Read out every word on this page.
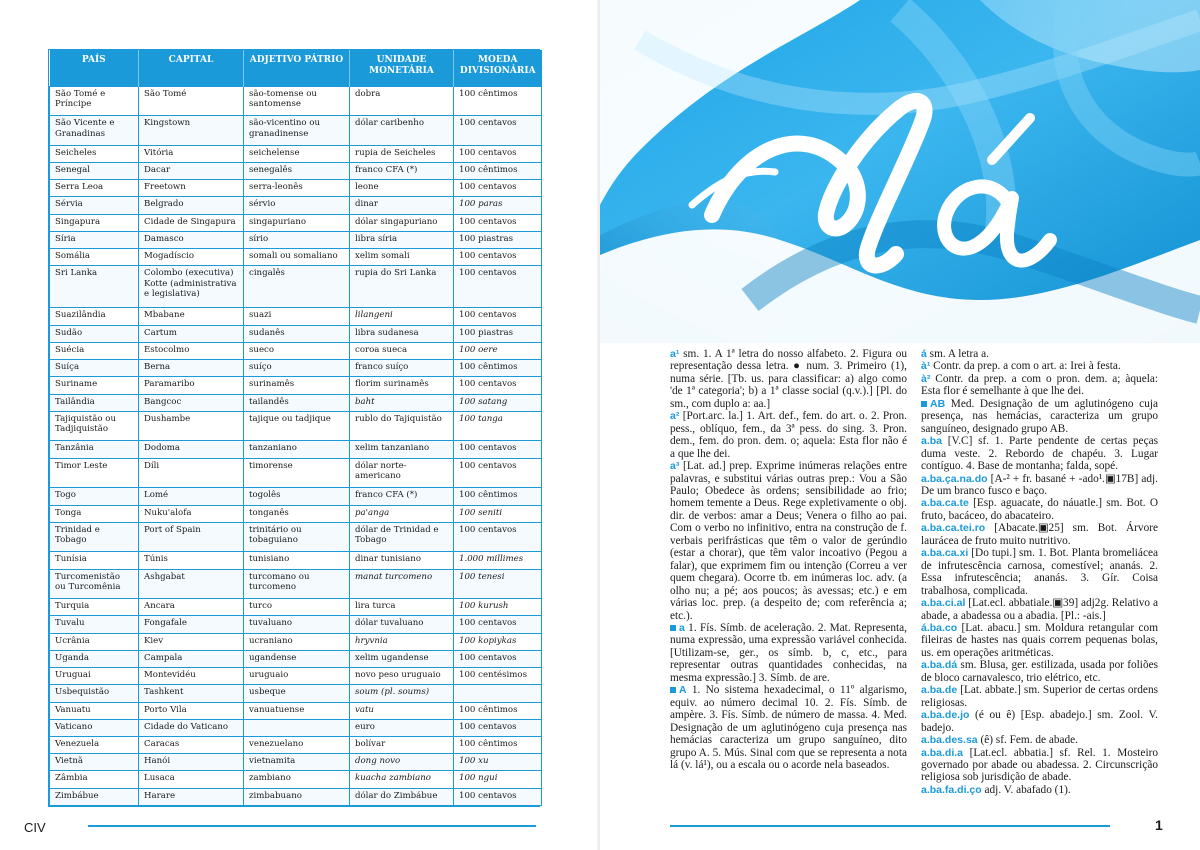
PAÍS	CAPITAL	ADJETIVO PÁTRIO	UNIDADE MONETÁRIA	MOEDA DIVISIONÁRIA
São Tomé e Príncipe	São Tomé	são-tomense ou santomense	dobra	100 cêntimos
São Vicente e Granadinas	Kingstown	são-vicentino ou granadinense	dólar caribenho	100 centavos
Seicheles	Vitória	seichelense	rupia de Seicheles	100 centavos
Senegal	Dacar	senegalês	franco CFA (*)	100 cêntimos
Serra Leoa	Freetown	serra-leonês	leone	100 centavos
Sérvia	Belgrado	sérvio	dinar	100 paras
Singapura	Cidade de Singapura	singapuriano	dólar singapuriano	100 centavos
Síria	Damasco	sírio	libra síria	100 piastras
Somália	Mogadíscio	somali ou somaliano	xelim somali	100 centavos
Sri Lanka	Colombo (executiva) Kotte (administrativa e legislativa)	cingalês	rupia do Sri Lanka	100 centavos
Suazilândia	Mbabane	suazi	lilangeni	100 centavos
Sudão	Cartum	sudanês	libra sudanesa	100 piastras
Suécia	Estocolmo	sueco	coroa sueca	100 oere
Suíça	Berna	suíço	franco suíço	100 cêntimos
Suriname	Paramaribo	surinamês	florim surinamês	100 centavos
Tailândia	Bangcoc	tailandês	baht	100 satang
Tajiquistão ou Tadjiquistão	Dushambe	tajique ou tadjique	rublo do Tajiquistão	100 tanga
Tanzânia	Dodoma	tanzaniano	xelim tanzaniano	100 centavos
Timor Leste	Díli	timorense	dólar norte-americano	100 centavos
Togo	Lomé	togolês	franco CFA (*)	100 cêntimos
Tonga	Nuku'alofa	tonganês	pa'anga	100 seniti
Trinidad e Tobago	Port of Spain	trinitário ou tobaguiano	dólar de Trinidad e Tobago	100 centavos
Tunísia	Túnis	tunisiano	dinar tunisiano	1.000 millimes
Turcomenistão ou Turcomênia	Ashgabat	turcomano ou turcomeno	manat turcomeno	100 tenesi
Turquia	Ancara	turco	lira turca	100 kurush
Tuvalu	Fongafale	tuvaluano	dólar tuvaluano	100 centavos
Ucrânia	Kiev	ucraniano	hryvnia	100 kopiykas
Uganda	Campala	ugandense	xelim ugandense	100 centavos
Uruguai	Montevidéu	uruguaio	novo peso uruguaio	100 centésimos
Usbequistão	Tashkent	usbeque	soum (pl. soums)	
Vanuatu	Porto Vila	vanuatuense	vatu	100 cêntimos
Vaticano	Cidade do Vaticano		euro	100 centavos
Venezuela	Caracas	venezuelano	bolívar	100 cêntimos
Vietnã	Hanói	vietnamita	dong novo	100 xu
Zâmbia	Lusaca	zambiano	kuacha zambiano	100 ngui
Zimbábue	Harare	zimbabuano	dólar do Zimbábue	100 centavos
CIV

a¹ sm. 1. A 1ª letra do nosso alfabeto. 2. Figura ou representação dessa letra. ● num. 3. Primeiro (1), numa série. [Tb. us. para classificar: a) algo como 'de 1ª categoria'; b) a 1ª classe social (q.v.).] [Pl. do sm., com duplo a: aa.]

a² [Port.arc. la.] 1. Art. def., fem. do art. o. 2. Pron. pess., oblíquo, fem., da 3ª pess. do sing. 3. Pron. dem., fem. do pron. dem. o; aquela: Esta flor não é a que lhe dei.

a³ [Lat. ad.] prep. Exprime inúmeras relações entre palavras, e substitui várias outras prep.: Vou a São Paulo; Obedece às ordens; sensibilidade ao frio; homem temente a Deus. Rege expletivamente o obj. dir. de verbos: amar a Deus; Venera o filho ao pai. Com o verbo no infinitivo, entra na construção de f. verbais perifrásticas que têm o valor de gerúndio (estar a chorar), que têm valor incoativo (Pegou a falar), que exprimem fim ou intenção (Correu a ver quem chegara). Ocorre tb. em inúmeras loc. adv. (a olho nu; a pé; aos poucos; às avessas; etc.) e em várias loc. prep. (a despeito de; com referência a; etc.).

a 1. Fís. Símb. de aceleração. 2. Mat. Representa, numa expressão, uma expressão variável conhecida. [Utilizam-se, ger., os símb. b, c, etc., para representar outras quantidades conhecidas, na mesma expressão.] 3. Símb. de are.

A 1. No sistema hexadecimal, o 11º algarismo, equiv. ao número decimal 10. 2. Fís. Símb. de ampère. 3. Fís. Símb. de número de massa. 4. Med. Designação de um aglutinógeno cuja presença nas hemácias caracteriza um grupo sanguíneo, dito grupo A. 5. Mús. Sinal com que se representa a nota lá (v. lá¹), ou a escala ou o acorde nela baseados.

á sm. A letra a.

à¹ Contr. da prep. a com o art. a: Irei à festa.

à² Contr. da prep. a com o pron. dem. a; àquela: Esta flor é semelhante à que lhe dei.

AB Med. Designação de um aglutinógeno cuja presença, nas hemácias, caracteriza um grupo sanguíneo, designado grupo AB.

a.ba [V.C] sf. 1. Parte pendente de certas peças duma veste. 2. Rebordo de chapéu. 3. Lugar contíguo. 4. Base de montanha; falda, sopé.

a.ba.ça.na.do [A-² + fr. basané + -ado¹.▣17B] adj. De um branco fusco e baço.

a.ba.ca.te [Esp. aguacate, do náuatle.] sm. Bot. O fruto, bacáceo, do abacateiro.

a.ba.ca.tei.ro [Abacate.▣25] sm. Bot. Árvore laurácea de fruto muito nutritivo.

a.ba.ca.xi [Do tupi.] sm. 1. Bot. Planta bromeliácea de infrutescência carnosa, comestível; ananás. 2. Essa infrutescência; ananás. 3. Gír. Coisa trabalhosa, complicada.

a.ba.ci.al [Lat.ecl. abbatiale.▣39] adj2g. Relativo a abade, a abadessa ou a abadia. [Pl.: -ais.]

á.ba.co [Lat. abacu.] sm. Moldura retangular com fileiras de hastes nas quais correm pequenas bolas, us. em operações aritméticas.

a.ba.dá sm. Blusa, ger. estilizada, usada por foliões de bloco carnavalesco, trio elétrico, etc.

a.ba.de [Lat. abbate.] sm. Superior de certas ordens religiosas.

a.ba.de.jo (é ou ê) [Esp. abadejo.] sm. Zool. V. badejo.

a.ba.des.sa (ê) sf. Fem. de abade.

a.ba.di.a [Lat.ecl. abbatia.] sf. Rel. 1. Mosteiro governado por abade ou abadessa. 2. Circunscrição religiosa sob jurisdição de abade.

a.ba.fa.di.ço adj. V. abafado (1).

1
